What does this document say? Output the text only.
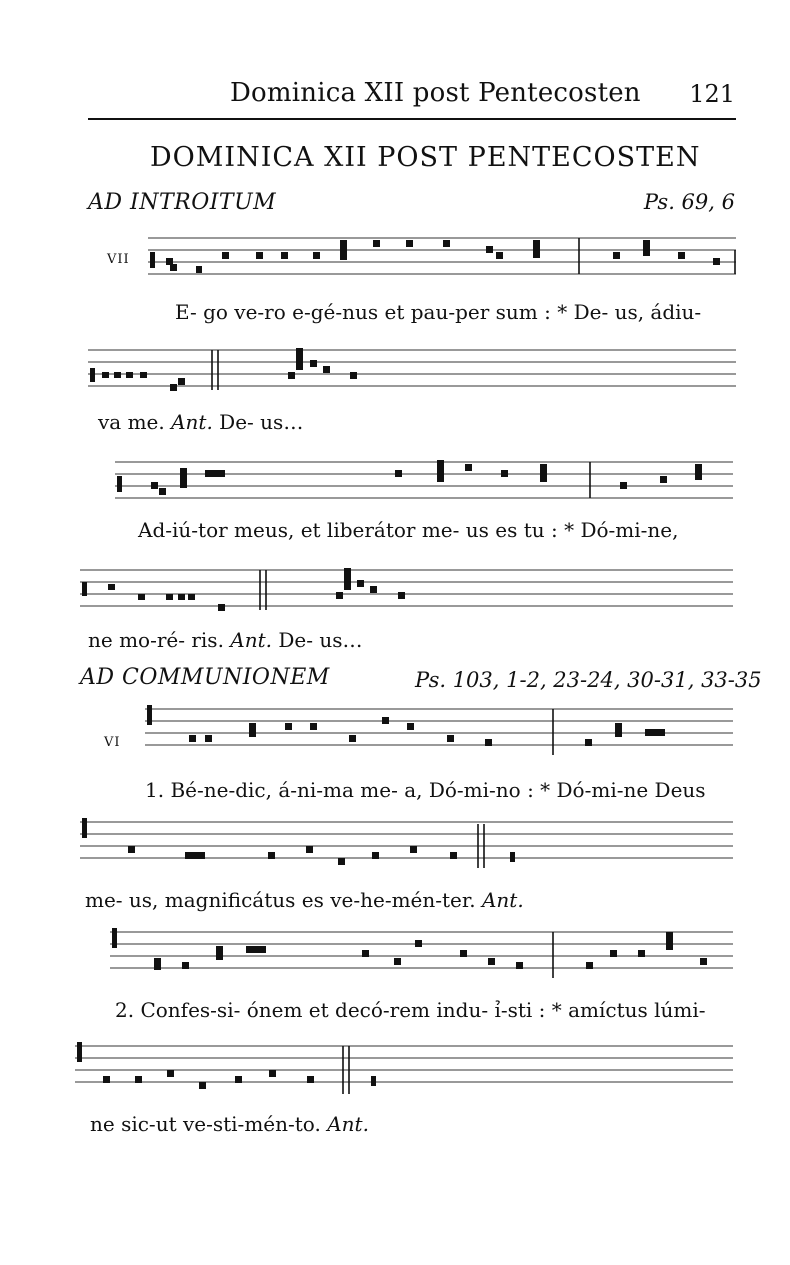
Dominica XII post Pentecosten 121
DOMINICA XII POST PENTECOSTEN
AD INTROITUM	Ps. 69, 6
VII
E- go ve-ro e-gé-nus et pau-per sum : * De- us, ádiu-
va me. Ant. De- us…
Ad-iú-tor meus, et liberátor me- us es tu : * Dó-mi-ne,
ne mo-ré- ris. Ant. De- us…
AD COMMUNIONEM	Ps. 103, 1-2, 23-24, 30-31, 33-35
VI
1. Bé-ne-dic, á-ni-ma me- a, Dó-mi-no : * Dó-mi-ne Deus
me- us, magnificátus es ve-he-mén-ter. Ant.
2. Confes-si- ónem et decó-rem indu- ỉ-sti : * amíctus lúmi-
ne sic-ut ve-sti-mén-to. Ant.
